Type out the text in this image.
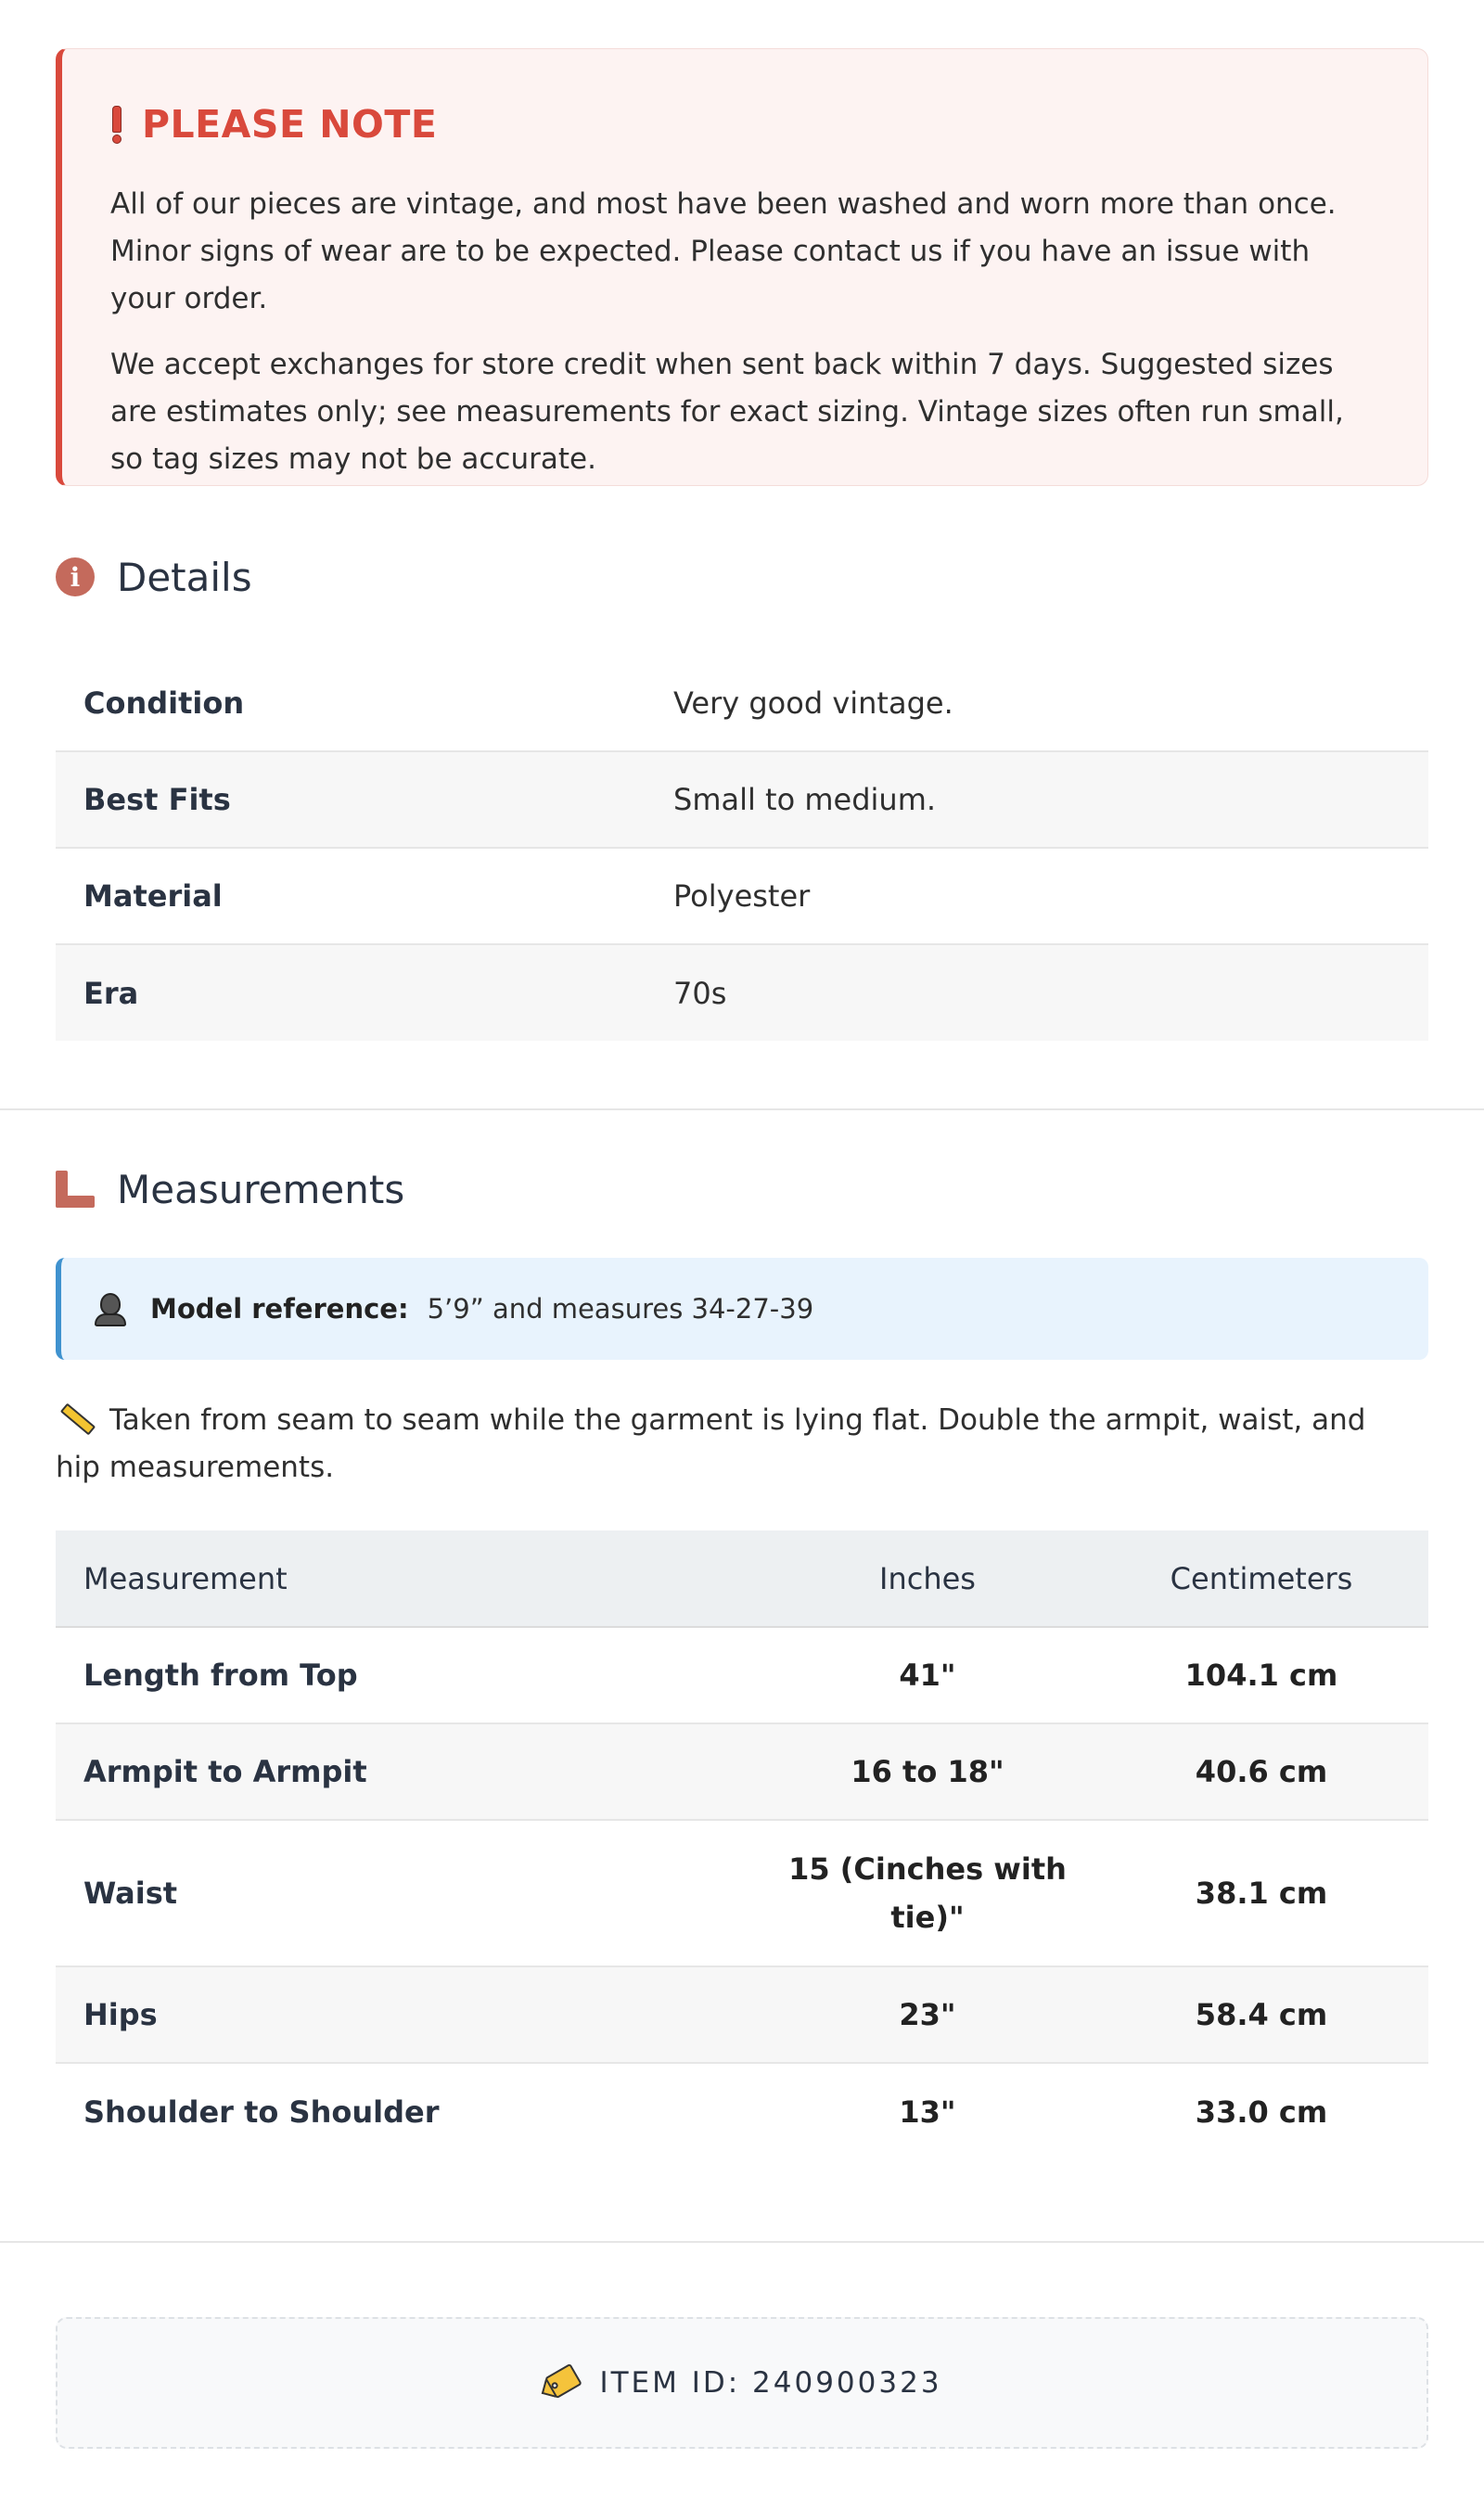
PLEASE NOTE

All of our pieces are vintage, and most have been washed and worn more than once. Minor signs of wear are to be expected. Please contact us if you have an issue with your order.

We accept exchanges for store credit when sent back within 7 days. Suggested sizes are estimates only; see measurements for exact sizing. Vintage sizes often run small, so tag sizes may not be accurate.

i Details
Condition	Very good vintage.
Best Fits	Small to medium.
Material	Polyester
Era	70s
Measurements
Model reference: 5’9” and measures 34-27-39
Taken from seam to seam while the garment is lying flat. Double the armpit, waist, and hip measurements.
Measurement	Inches	Centimeters
Length from Top	41"	104.1 cm
Armpit to Armpit	16 to 18"	40.6 cm
Waist	15 (Cinches with tie)"	38.1 cm
Hips	23"	58.4 cm
Shoulder to Shoulder	13"	33.0 cm
ITEM ID: 240900323
